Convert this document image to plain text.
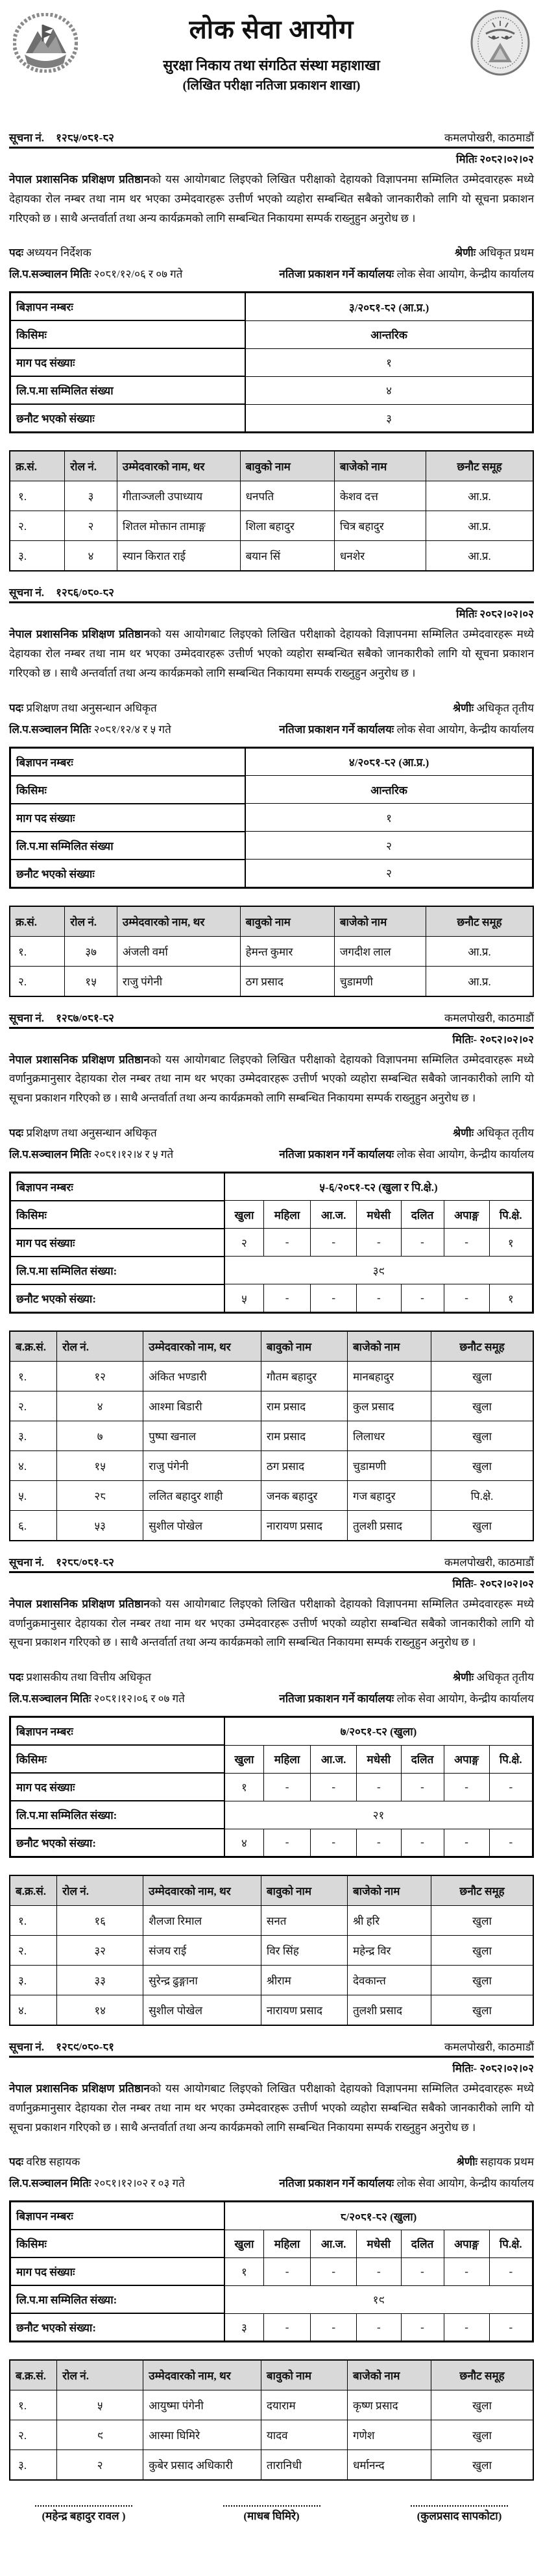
लोक सेवा आयोग
सुरक्षा निकाय तथा संगठित संस्था महाशाखा
(लिखित परीक्षा नतिजा प्रकाशन शाखा)
सूचना नं. १२८५/०८१-८२	कमलपोखरी, काठमाडौं
मितिः २०८२।०२।०२

नेपाल प्रशासनिक प्रशिक्षण प्रतिष्ठानको यस आयोगबाट लिइएको लिखित परीक्षाको देहायको विज्ञापनमा सम्मिलित उम्मेदवारहरू मध्ये देहायका रोल नम्बर तथा नाम थर भएका उम्मेदवारहरू उत्तीर्ण भएको व्यहोरा सम्बन्धित सबैको जानकारीको लागि यो सूचना प्रकाशन गरिएको छ । साथै अन्तर्वार्ता तथा अन्य कार्यक्रमको लागि सम्बन्धित निकायमा सम्पर्क राख्नुहुन अनुरोध छ ।

पदः अध्ययन निर्देशक	श्रेणीः अधिकृत प्रथम
लि.प.सञ्चालन मितिः २०८१/१२/०६ र ०७ गते	नतिजा प्रकाशन गर्ने कार्यालयः लोक सेवा आयोग, केन्द्रीय कार्यालय
बिज्ञापन नम्बरः	३/२०८१-८२ (आ.प्र.)
किसिमः	आन्तरिक
माग पद संख्याः	१
लि.प.मा सम्मिलित संख्या	४
छनौट भएको संख्याः	३
क्र.सं.	रोल नं.	उम्मेदवारको नाम, थर	बावुको नाम	बाजेको नाम	छनौट समूह
१.	३	गीताञ्जली उपाध्याय	धनपति	केशव दत्त	आ.प्र.
२.	२	शितल मोक्तान तामाङ्ग	शिला बहादुर	चित्र बहादुर	आ.प्र.
३.	४	स्यान किरात राई	बयान सिं	धनशेर	आ.प्र.
सूचना नं. १२८६/०८०-८२
मितिः २०८२।०२।०२

नेपाल प्रशासनिक प्रशिक्षण प्रतिष्ठानको यस आयोगबाट लिइएको लिखित परीक्षाको देहायको विज्ञापनमा सम्मिलित उम्मेदवारहरू मध्ये देहायका रोल नम्बर तथा नाम थर भएका उम्मेदवारहरू उत्तीर्ण भएको व्यहोरा सम्बन्धित सबैको जानकारीको लागि यो सूचना प्रकाशन गरिएको छ । साथै अन्तर्वार्ता तथा अन्य कार्यक्रमको लागि सम्बन्धित निकायमा सम्पर्क राख्नुहुन अनुरोध छ ।

पदः प्रशिक्षण तथा अनुसन्धान अधिकृत	श्रेणीः अधिकृत तृतीय
लि.प.सञ्चालन मितिः २०८१/१२/४ र ५ गते	नतिजा प्रकाशन गर्ने कार्यालयः लोक सेवा आयोग, केन्द्रीय कार्यालय
बिज्ञापन नम्बरः	४/२०८१-८२ (आ.प्र.)
किसिमः	आन्तरिक
माग पद संख्याः	१
लि.प.मा सम्मिलित संख्या	२
छनौट भएको संख्याः	२
क्र.सं.	रोल नं.	उम्मेदवारको नाम, थर	बावुको नाम	बाजेको नाम	छनौट समूह
१.	३७	अंजली वर्मा	हेमन्त कुमार	जगदीश लाल	आ.प्र.
२.	१५	राजु पंगेनी	ठग प्रसाद	चुडामणी	आ.प्र.
सूचना नं. १२८७/०८१-८२	कमलपोखरी, काठमाडौं
मितिः- २०८२।०२।०२

नेपाल प्रशासनिक प्रशिक्षण प्रतिष्ठानको यस आयोगबाट लिइएको लिखित परीक्षाको देहायको विज्ञापनमा सम्मिलित उम्मेदवारहरू मध्ये वर्णानुक्रमानुसार देहायका रोल नम्बर तथा नाम थर भएका उम्मेदवारहरू उत्तीर्ण भएको व्यहोरा सम्बन्धित सबैको जानकारीको लागि यो सूचना प्रकाशन गरिएको छ । साथै अन्तर्वार्ता तथा अन्य कार्यक्रमको लागि सम्बन्धित निकायमा सम्पर्क राख्नुहुन अनुरोध छ ।

पदः प्रशिक्षण तथा अनुसन्धान अधिकृत	श्रेणीः अधिकृत तृतीय
लि.प.सञ्चालन मितिः २०८१।१२।४ र ५ गते	नतिजा प्रकाशन गर्ने कार्यालयः लोक सेवा आयोग, केन्द्रीय कार्यालय
बिज्ञापन नम्बरः	५-६/२०८१-८२ (खुला र पि.क्षे.)						
किसिमः	खुला	महिला	आ.ज.	मधेसी	दलित	अपाङ्ग	पि.क्षे.
माग पद संख्याः	२	-	-	-	-	-	१
लि.प.मा सम्मिलित संख्या:	३९						
छनौट भएको संख्या:	५	-	-	-	-	-	१
ब.क्र.सं.	रोल नं.	उम्मेदवारको नाम, थर	बावुको नाम	बाजेको नाम	छनौट समूह
१.	१२	अंकित भण्डारी	गौतम बहादुर	मानबहादुर	खुला
२.	४	आश्मा बिडारी	राम प्रसाद	कुल प्रसाद	खुला
३.	७	पुष्पा खनाल	राम प्रसाद	लिलाधर	खुला
४.	१५	राजु पंगेनी	ठग प्रसाद	चुडामणी	खुला
५.	२८	ललित बहादुर शाही	जनक बहादुर	गज बहादुर	पि.क्षे.
६.	५३	सुशील पोखेल	नारायण प्रसाद	तुलशी प्रसाद	खुला
सूचना नं. १२८८/०८१-८२	कमलपोखरी, काठमाडौं
मितिः- २०८२।०२।०२

नेपाल प्रशासनिक प्रशिक्षण प्रतिष्ठानको यस आयोगबाट लिइएको लिखित परीक्षाको देहायको विज्ञापनमा सम्मिलित उम्मेदवारहरू मध्ये वर्णानुक्रमानुसार देहायका रोल नम्बर तथा नाम थर भएका उम्मेदवारहरू उत्तीर्ण भएको व्यहोरा सम्बन्धित सबैको जानकारीको लागि यो सूचना प्रकाशन गरिएको छ । साथै अन्तर्वार्ता तथा अन्य कार्यक्रमको लागि सम्बन्धित निकायमा सम्पर्क राख्नुहुन अनुरोध छ ।

पदः प्रशासकीय तथा वित्तीय अधिकृत	श्रेणीः अधिकृत तृतीय
लि.प.सञ्चालन मितिः २०८१।१२।०६ र ०७ गते	नतिजा प्रकाशन गर्ने कार्यालयः लोक सेवा आयोग, केन्द्रीय कार्यालय
बिज्ञापन नम्बरः	७/२०८१-८२ (खुला)						
किसिमः	खुला	महिला	आ.ज.	मधेसी	दलित	अपाङ्ग	पि.क्षे.
माग पद संख्याः	१	-	-	-	-	-	-
लि.प.मा सम्मिलित संख्या:	२१						
छनौट भएको संख्या:	४	-	-	-	-	-	-
ब.क्र.सं.	रोल नं.	उम्मेदवारको नाम, थर	बावुको नाम	बाजेको नाम	छनौट समूह
१.	१६	शैलजा रिमाल	सनत	श्री हरि	खुला
२.	३२	संजय राई	विर सिंह	महेन्द्र विर	खुला
३.	३३	सुरेन्द्र ढुङ्गाना	श्रीराम	देवकान्त	खुला
४.	१४	सुशील पोखेल	नारायण प्रसाद	तुलशी प्रसाद	खुला
सूचना नं. १२८९/०८०-८१	कमलपोखरी, काठमाडौं
मितिः- २०८२।०२।०२

नेपाल प्रशासनिक प्रशिक्षण प्रतिष्ठानको यस आयोगबाट लिइएको लिखित परीक्षाको देहायको विज्ञापनमा सम्मिलित उम्मेदवारहरू मध्ये वर्णानुक्रमानुसार देहायका रोल नम्बर तथा नाम थर भएका उम्मेदवारहरू उत्तीर्ण भएको व्यहोरा सम्बन्धित सबैको जानकारीको लागि यो सूचना प्रकाशन गरिएको छ । साथै अन्तर्वार्ता तथा अन्य कार्यक्रमको लागि सम्बन्धित निकायमा सम्पर्क राख्नुहुन अनुरोध छ ।

पदः वरिष्ठ सहायक	श्रेणीः सहायक प्रथम
लि.प.सञ्चालन मितिः २०८१।१२।०२ र ०३ गते	नतिजा प्रकाशन गर्ने कार्यालयः लोक सेवा आयोग, केन्द्रीय कार्यालय
बिज्ञापन नम्बरः	८/२०८१-८२ (खुला)						
किसिमः	खुला	महिला	आ.ज.	मधेसी	दलित	अपाङ्ग	पि.क्षे.
माग पद संख्याः	१	-	-	-	-	-	-
लि.प.मा सम्मिलित संख्या:	१९						
छनौट भएको संख्या:	३	-	-	-	-	-	-
ब.क्र.सं.	रोल नं.	उम्मेदवारको नाम, थर	बावुको नाम	बाजेको नाम	छनौट समूह
१.	५	आयुष्मा पंगेनी	दयाराम	कृष्ण प्रसाद	खुला
२.	९	आस्मा घिमिरे	यादव	गणेश	खुला
३.	२	कुबेर प्रसाद अधिकारी	तारानिधी	धर्मानन्द	खुला
(महेन्द्र बहादुर रावल )	(माधब घिमिरे)	(कुलप्रसाद सापकोटा)
